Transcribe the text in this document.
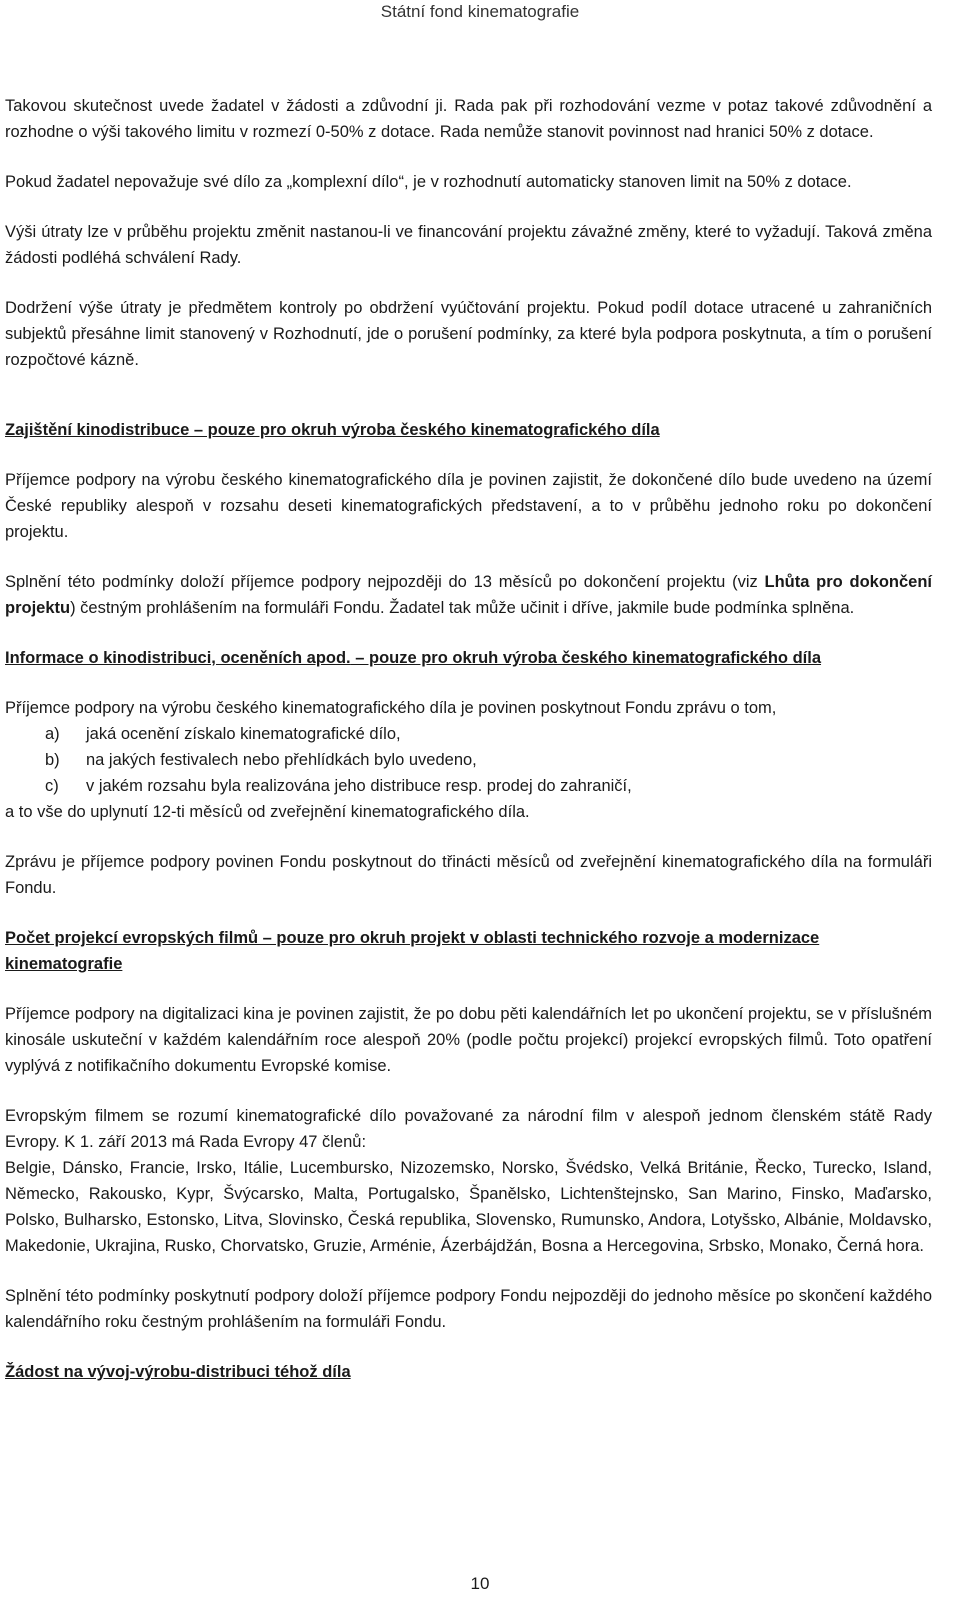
Státní fond kinematografie

Takovou skutečnost uvede žadatel v žádosti a zdůvodní ji. Rada pak při rozhodování vezme v potaz takové zdůvodnění a rozhodne o výši takového limitu v rozmezí 0-50% z dotace. Rada nemůže stanovit povinnost nad hranici 50% z dotace.

Pokud žadatel nepovažuje své dílo za „komplexní dílo“, je v rozhodnutí automaticky stanoven limit na 50% z dotace.

Výši útraty lze v průběhu projektu změnit nastanou-li ve financování projektu závažné změny, které to vyžadují. Taková změna žádosti podléhá schválení Rady.

Dodržení výše útraty je předmětem kontroly po obdržení vyúčtování projektu. Pokud podíl dotace utracené u zahraničních subjektů přesáhne limit stanovený v Rozhodnutí, jde o porušení podmínky, za které byla podpora poskytnuta, a tím o porušení rozpočtové kázně.

Zajištění kinodistribuce – pouze pro okruh výroba českého kinematografického díla

Příjemce podpory na výrobu českého kinematografického díla je povinen zajistit, že dokončené dílo bude uvedeno na území České republiky alespoň v rozsahu deseti kinematografických představení, a to v průběhu jednoho roku po dokončení projektu.

Splnění této podmínky doloží příjemce podpory nejpozději do 13 měsíců po dokončení projektu (viz Lhůta pro dokončení projektu) čestným prohlášením na formuláři Fondu. Žadatel tak může učinit i dříve, jakmile bude podmínka splněna.

Informace o kinodistribuci, oceněních apod. – pouze pro okruh výroba českého kinematografického díla

Příjemce podpory na výrobu českého kinematografického díla je povinen poskytnout Fondu zprávu o tom,

a)	jaká ocenění získalo kinematografické dílo,
b)	na jakých festivalech nebo přehlídkách bylo uvedeno,
c)	v jakém rozsahu byla realizována jeho distribuce resp. prodej do zahraničí,

a to vše do uplynutí 12-ti měsíců od zveřejnění kinematografického díla.

Zprávu je příjemce podpory povinen Fondu poskytnout do třinácti měsíců od zveřejnění kinematografického díla na formuláři Fondu.

Počet projekcí evropských filmů – pouze pro okruh projekt v oblasti technického rozvoje a modernizace kinematografie

Příjemce podpory na digitalizaci kina je povinen zajistit, že po dobu pěti kalendářních let po ukončení projektu, se v příslušném kinosále uskuteční v každém kalendářním roce alespoň 20% (podle počtu projekcí) projekcí evropských filmů. Toto opatření vyplývá z notifikačního dokumentu Evropské komise.

Evropským filmem se rozumí kinematografické dílo považované za národní film v alespoň jednom členském státě Rady Evropy. K 1. září 2013 má Rada Evropy 47 členů:

Belgie, Dánsko, Francie, Irsko, Itálie, Lucembursko, Nizozemsko, Norsko, Švédsko, Velká Británie, Řecko, Turecko, Island, Německo, Rakousko, Kypr, Švýcarsko, Malta, Portugalsko, Španělsko, Lichtenštejnsko, San Marino, Finsko, Maďarsko, Polsko, Bulharsko, Estonsko, Litva, Slovinsko, Česká republika, Slovensko, Rumunsko, Andora, Lotyšsko, Albánie, Moldavsko, Makedonie, Ukrajina, Rusko, Chorvatsko, Gruzie, Arménie, Ázerbájdžán, Bosna a Hercegovina, Srbsko, Monako, Černá hora.

Splnění této podmínky poskytnutí podpory doloží příjemce podpory Fondu nejpozději do jednoho měsíce po skončení každého kalendářního roku čestným prohlášením na formuláři Fondu.

Žádost na vývoj-výrobu-distribuci téhož díla

10
